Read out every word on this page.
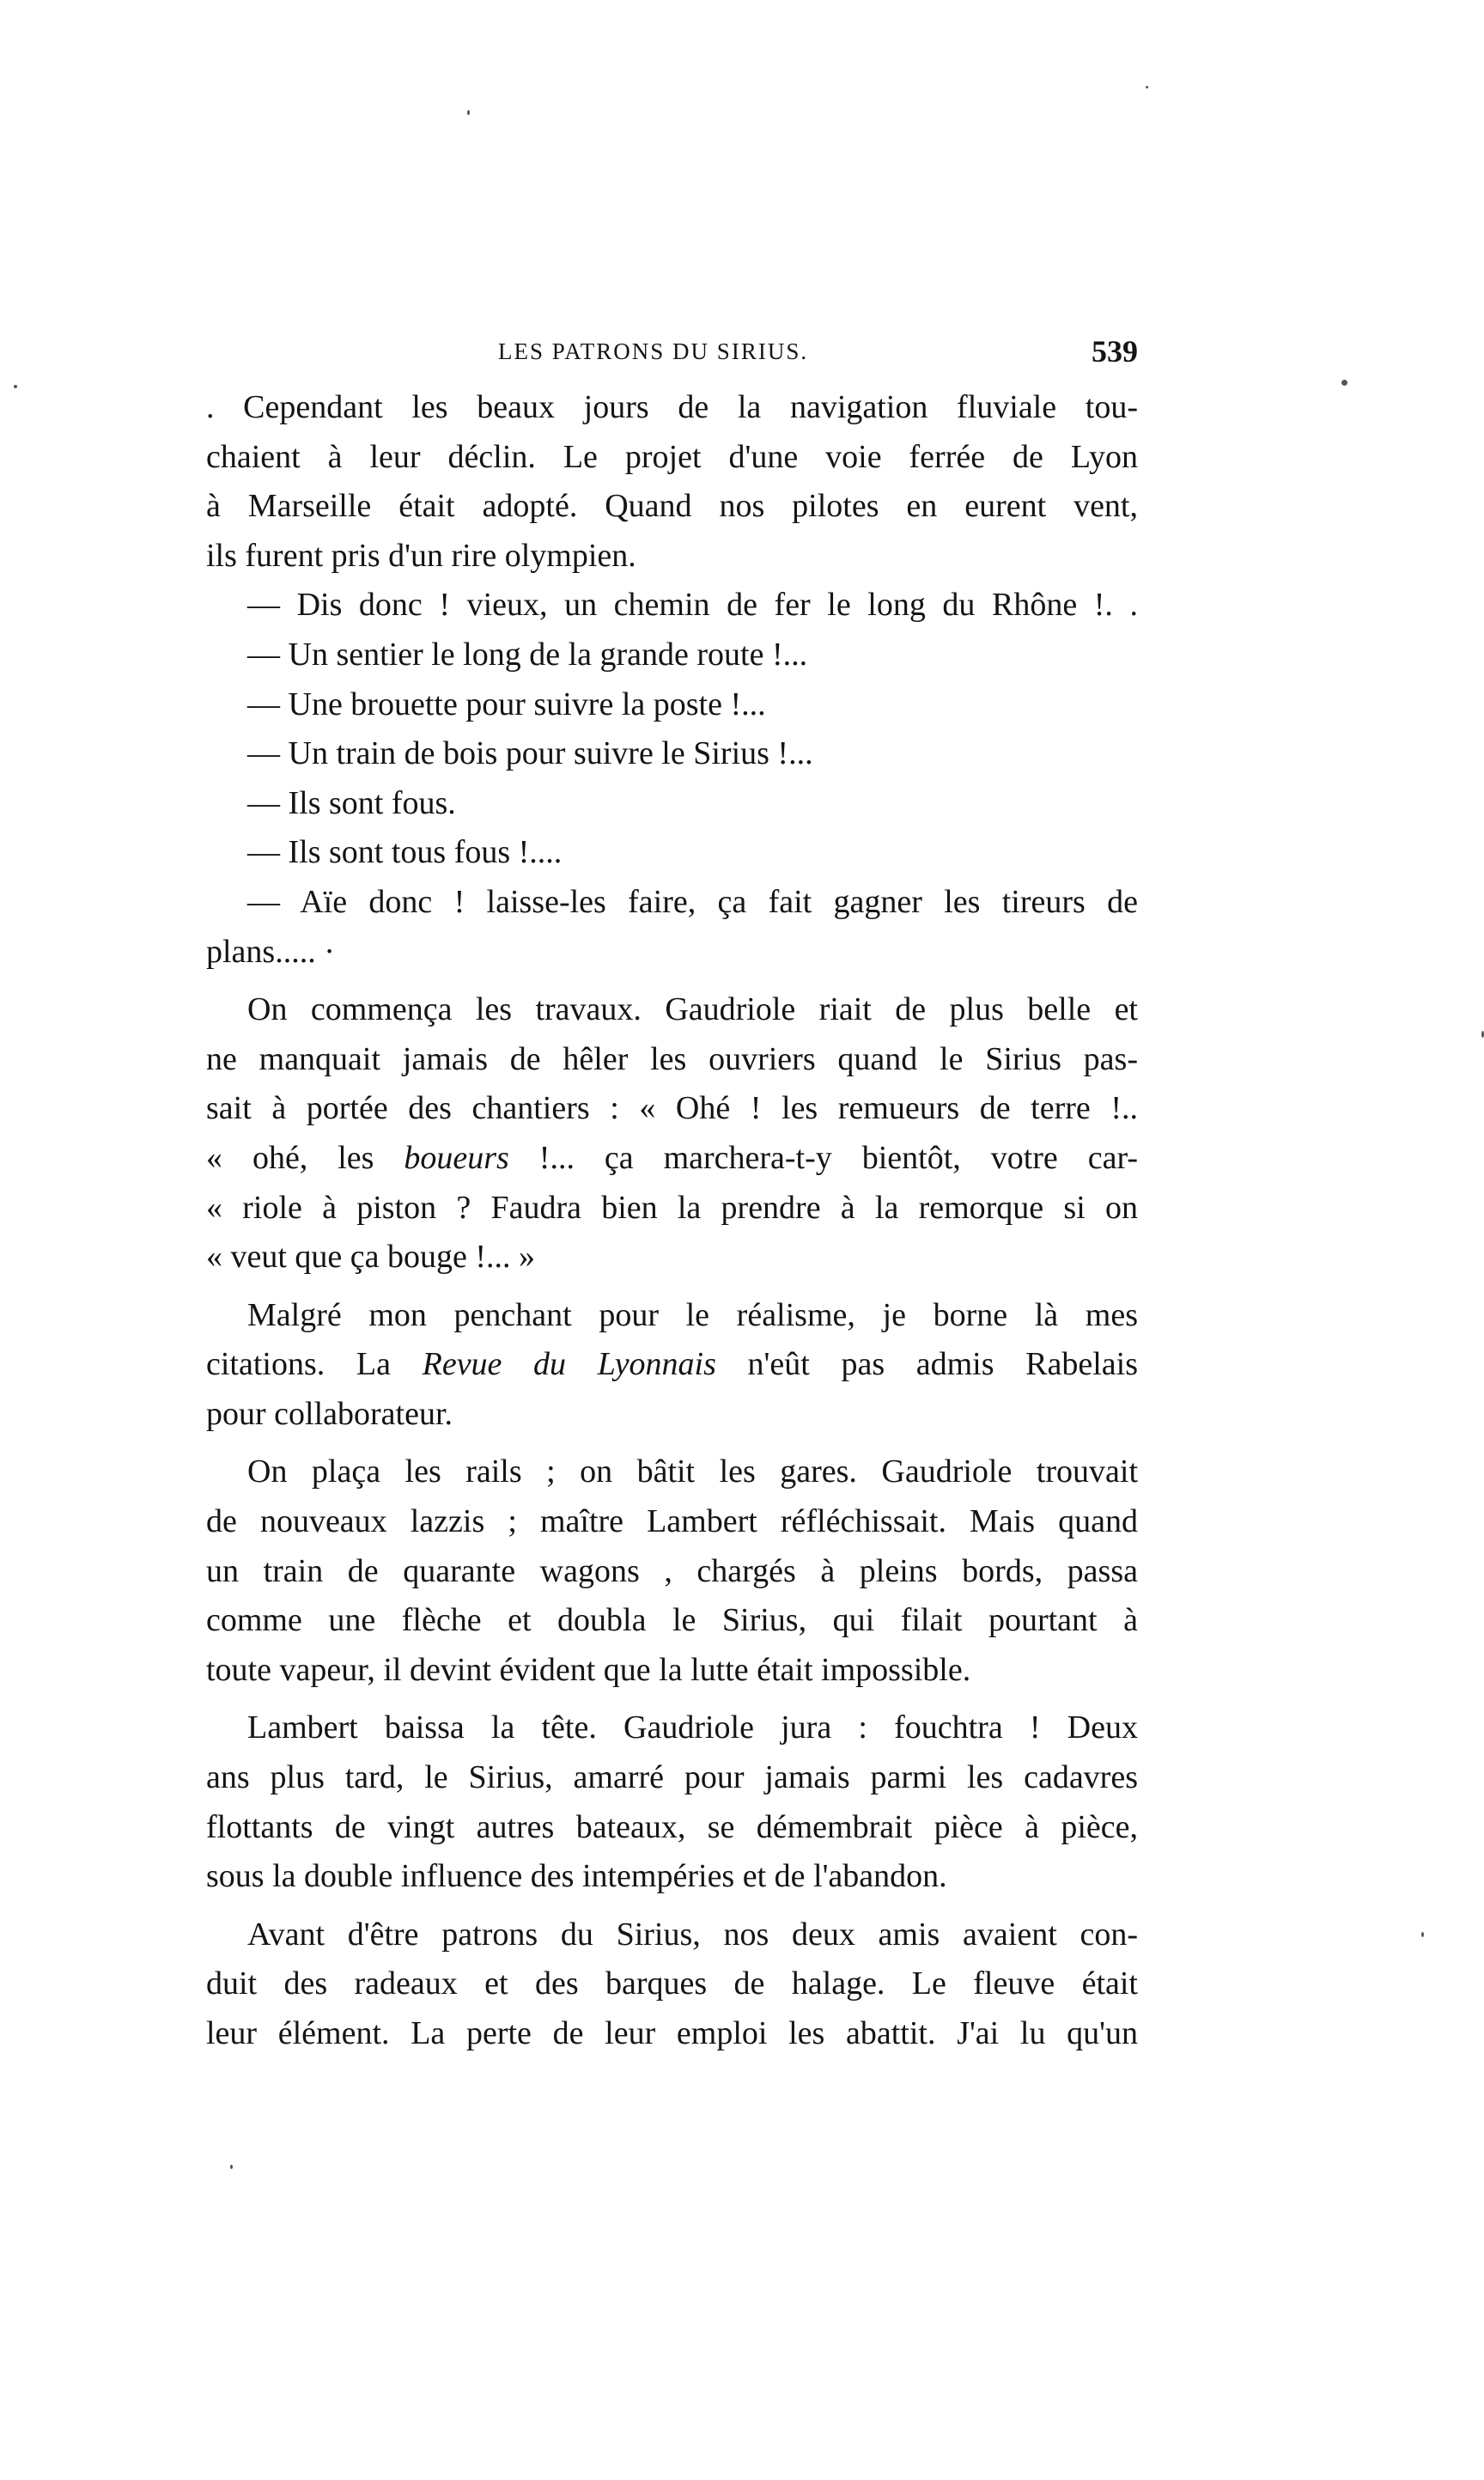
LES PATRONS DU SIRIUS.	539
. Cependant les beaux jours de la navigation fluviale tou-
chaient à leur déclin. Le projet d'une voie ferrée de Lyon
à Marseille était adopté. Quand nos pilotes en eurent vent,
ils furent pris d'un rire olympien.
— Dis donc ! vieux, un chemin de fer le long du Rhône !. .
— Un sentier le long de la grande route !...
— Une brouette pour suivre la poste !...
— Un train de bois pour suivre le Sirius !...
— Ils sont fous.
— Ils sont tous fous !....
— Aïe donc ! laisse-les faire, ça fait gagner les tireurs de
plans..... ·
On commença les travaux. Gaudriole riait de plus belle et
ne manquait jamais de hêler les ouvriers quand le Sirius pas-
sait à portée des chantiers : « Ohé ! les remueurs de terre !..
« ohé, les boueurs !... ça marchera-t-y bientôt, votre car-
« riole à piston ? Faudra bien la prendre à la remorque si on
« veut que ça bouge !... »
Malgré mon penchant pour le réalisme, je borne là mes
citations. La Revue du Lyonnais n'eût pas admis Rabelais
pour collaborateur.
On plaça les rails ; on bâtit les gares. Gaudriole trouvait
de nouveaux lazzis ; maître Lambert réfléchissait. Mais quand
un train de quarante wagons , chargés à pleins bords, passa
comme une flèche et doubla le Sirius, qui filait pourtant à
toute vapeur, il devint évident que la lutte était impossible.
Lambert baissa la tête. Gaudriole jura : fouchtra ! Deux
ans plus tard, le Sirius, amarré pour jamais parmi les cadavres
flottants de vingt autres bateaux, se démembrait pièce à pièce,
sous la double influence des intempéries et de l'abandon.
Avant d'être patrons du Sirius, nos deux amis avaient con-
duit des radeaux et des barques de halage. Le fleuve était
leur élément. La perte de leur emploi les abattit. J'ai lu qu'un
